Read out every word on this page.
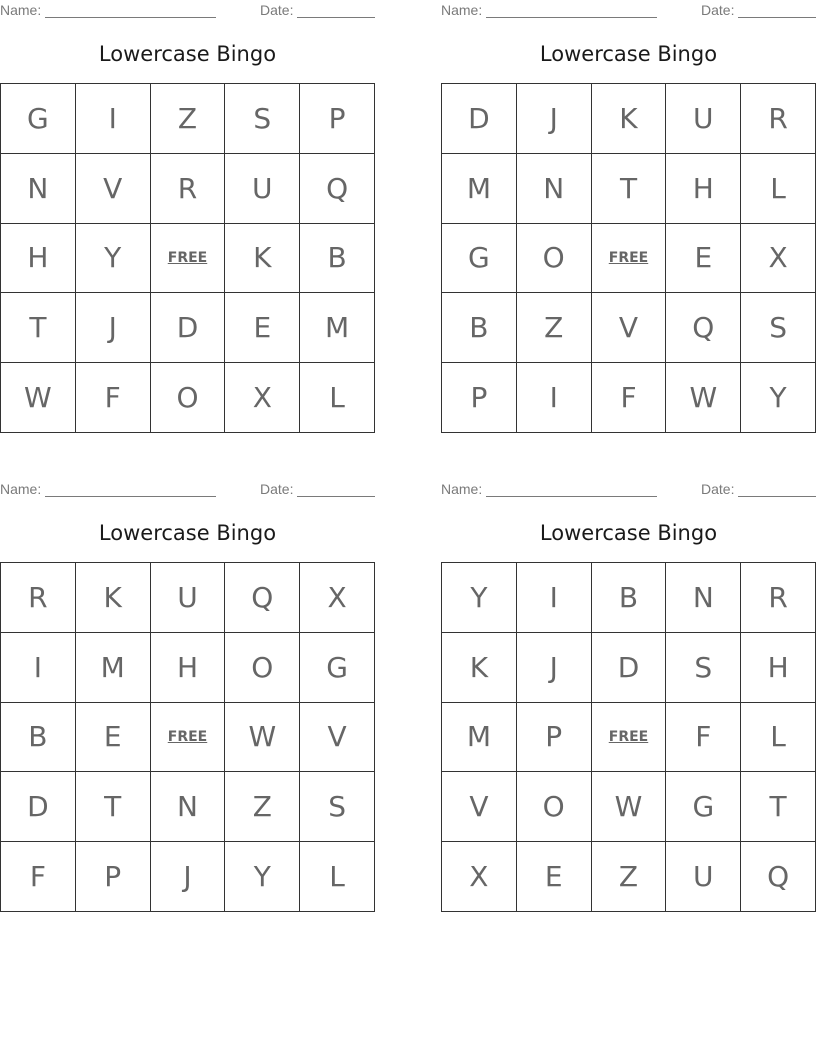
Name:	Date:
Lowercase Bingo
G	I	Z	S	P
N	V	R	U	Q
H	Y	FREE	K	B
T	J	D	E	M
W	F	O	X	L
Name:	Date:
Lowercase Bingo
D	J	K	U	R
M	N	T	H	L
G	O	FREE	E	X
B	Z	V	Q	S
P	I	F	W	Y
Name:	Date:
Lowercase Bingo
R	K	U	Q	X
I	M	H	O	G
B	E	FREE	W	V
D	T	N	Z	S
F	P	J	Y	L
Name:	Date:
Lowercase Bingo
Y	I	B	N	R
K	J	D	S	H
M	P	FREE	F	L
V	O	W	G	T
X	E	Z	U	Q
